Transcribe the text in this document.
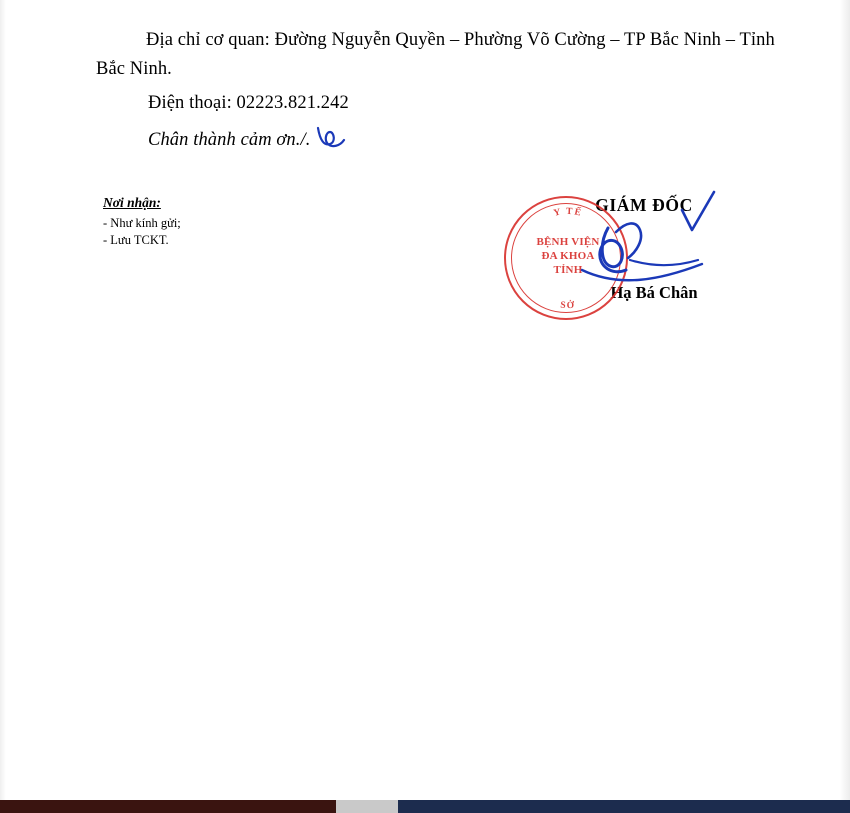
Địa chỉ cơ quan: Đường Nguyễn Quyền – Phường Võ Cường – TP Bắc Ninh – Tỉnh Bắc Ninh.
Điện thoại: 02223.821.242
Chân thành cảm ơn./.
Nơi nhận:
- Như kính gửi;
- Lưu TCKT.
GIÁM ĐỐC
Hạ Bá Chân
Y TẾ
SỞ
BỆNH VIỆN
ĐA KHOA
TỈNH
